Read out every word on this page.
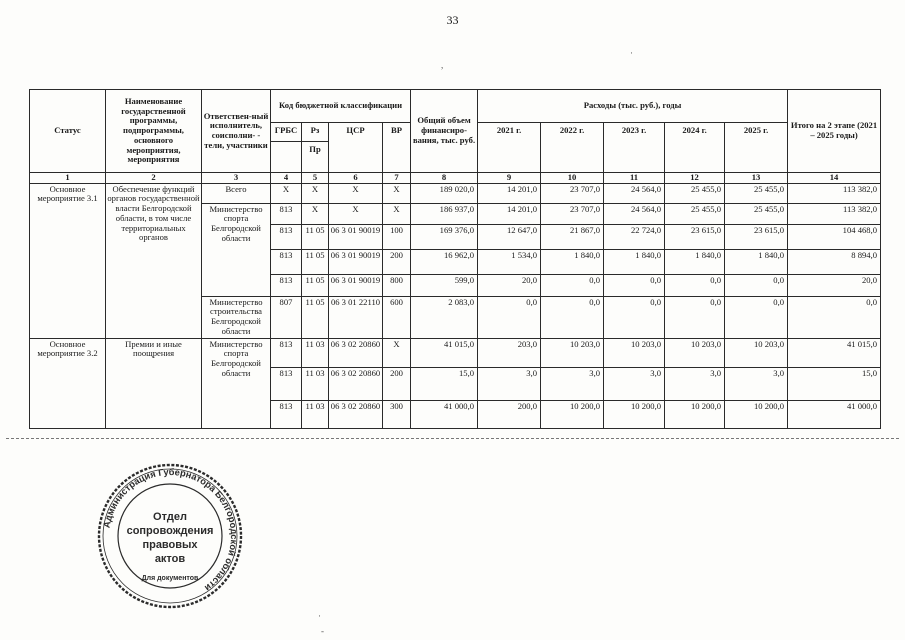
33
Статус	Наименование государственной программы, подпрограммы, основного мероприятия, мероприятия	Ответствен-ный исполнитель, соисполни- - тели, участники	Код бюджетной классификации				Общий объем финансиро-вания, тыс. руб.	Расходы (тыс. руб.), годы					Итого на 2 этапе (2021 – 2025 годы)
			ГРБС	Рз	ЦСР	ВР		2021 г.	2022 г.	2023 г.	2024 г.	2025 г.	
				Пр									
1	2	3	4	5	6	7	8	9	10	11	12	13	14
Основное мероприятие 3.1	Обеспечение функций органов государственной власти Белгородской области, в том числе территориальных органов	Всего	Х	Х	Х	Х	189 020,0	14 201,0	23 707,0	24 564,0	25 455,0	25 455,0	113 382,0
		Министерство спорта Белгородской области	813	Х	Х	Х	186 937,0	14 201,0	23 707,0	24 564,0	25 455,0	25 455,0	113 382,0
			813	11 05	06 3 01 90019	100	169 376,0	12 647,0	21 867,0	22 724,0	23 615,0	23 615,0	104 468,0
			813	11 05	06 3 01 90019	200	16 962,0	1 534,0	1 840,0	1 840,0	1 840,0	1 840,0	8 894,0
			813	11 05	06 3 01 90019	800	599,0	20,0	0,0	0,0	0,0	0,0	20,0
		Министерство строительства Белгородской области	807	11 05	06 3 01 22110	600	2 083,0	0,0	0,0	0,0	0,0	0,0	0,0
Основное мероприятие 3.2	Премии и иные поощрения	Министерство спорта Белгородской области	813	11 03	06 3 02 20860	Х	41 015,0	203,0	10 203,0	10 203,0	10 203,0	10 203,0	41 015,0
			813	11 03	06 3 02 20860	200	15,0	3,0	3,0	3,0	3,0	3,0	15,0
			813	11 03	06 3 02 20860	300	41 000,0	200,0	10 200,0	10 200,0	10 200,0	10 200,0	41 000,0
,
·
·
-
Администрация Губернатора Белгородской области
Отдел
сопровождения
правовых
актов
Для документов
